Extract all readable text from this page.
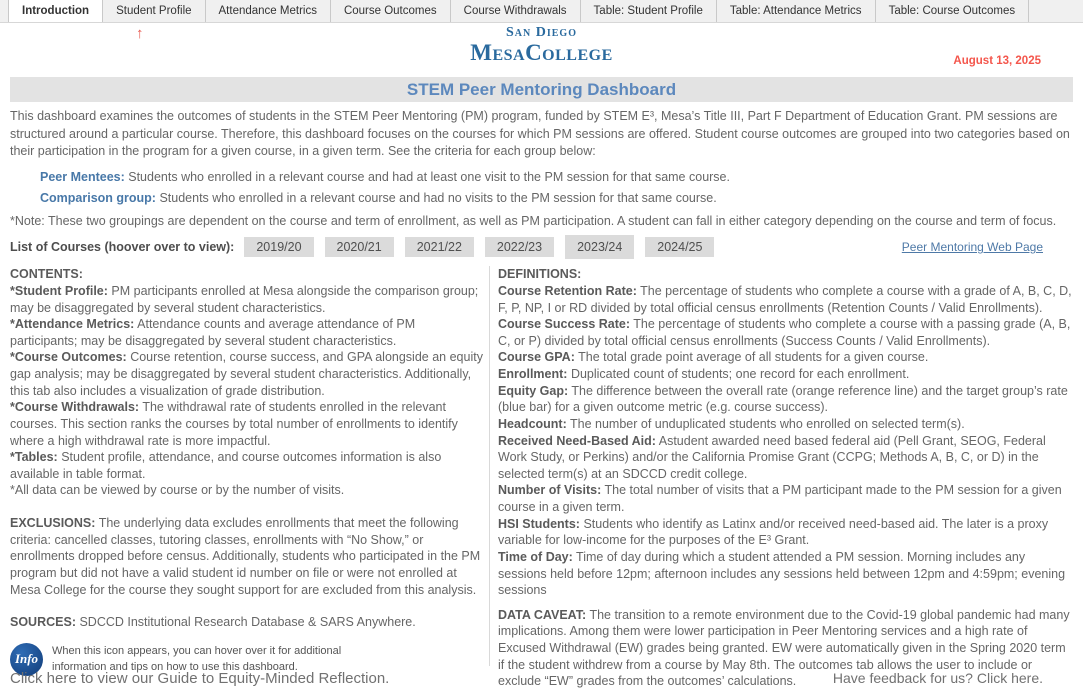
Introduction	Student Profile	Attendance Metrics	Course Outcomes	Course Withdrawals	Table: Student Profile	Table: Attendance Metrics	Table: Course Outcomes
↑	San Diego
MesaCollege	August 13, 2025
STEM Peer Mentoring Dashboard

This dashboard examines the outcomes of students in the STEM Peer Mentoring (PM) program, funded by STEM E³, Mesa’s Title III, Part F Department of Education Grant. PM sessions are structured around a particular course. Therefore, this dashboard focuses on the courses for which PM sessions are offered. Student course outcomes are grouped into two categories based on their participation in the program for a given course, in a given term. See the criteria for each group below:

Peer Mentees: Students who enrolled in a relevant course and had at least one visit to the PM session for that same course.
Comparison group: Students who enrolled in a relevant course and had no visits to the PM session for that same course.

*Note: These two groupings are dependent on the course and term of enrollment, as well as PM participation. A student can fall in either category depending on the course and term of focus.

List of Courses (hoover over to view):	2019/20	2020/21	2021/22	2022/23	2023/24	2024/25	Peer Mentoring Web Page

CONTENTS:

*Student Profile: PM participants enrolled at Mesa alongside the comparison group; may be disaggregated by several student characteristics.

*Attendance Metrics: Attendance counts and average attendance of PM participants; may be disaggregated by several student characteristics.

*Course Outcomes: Course retention, course success, and GPA alongside an equity gap analysis; may be disaggregated by several student characteristics. Additionally, this tab also includes a visualization of grade distribution.

*Course Withdrawals: The withdrawal rate of students enrolled in the relevant courses. This section ranks the courses by total number of enrollments to identify where a high withdrawal rate is more impactful.

*Tables: Student profile, attendance, and course outcomes information is also available in table format.

*All data can be viewed by course or by the number of visits.

EXCLUSIONS: The underlying data excludes enrollments that meet the following criteria: cancelled classes, tutoring classes, enrollments with “No Show,” or enrollments dropped before census. Additionally, students who participated in the PM program but did not have a valid student id number on file or were not enrolled at Mesa College for the course they sought support for are excluded from this analysis.

SOURCES: SDCCD Institutional Research Database & SARS Anywhere.

Info
When this icon appears, you can hover over it for additional information and tips on how to use this dashboard.

DEFINITIONS:

Course Retention Rate: The percentage of students who complete a course with a grade of A, B, C, D, F, P, NP, I or RD divided by total official census enrollments (Retention Counts / Valid Enrollments).

Course Success Rate: The percentage of students who complete a course with a passing grade (A, B, C, or P) divided by total official census enrollments (Success Counts / Valid Enrollments).

Course GPA: The total grade point average of all students for a given course.

Enrollment: Duplicated count of students; one record for each enrollment.

Equity Gap: The difference between the overall rate (orange reference line) and the target group’s rate (blue bar) for a given outcome metric (e.g. course success).

Headcount: The number of unduplicated students who enrolled on selected term(s).

Received Need-Based Aid: Astudent awarded need based federal aid (Pell Grant, SEOG, Federal Work Study, or Perkins) and/or the California Promise Grant (CCPG; Methods A, B, C, or D) in the selected term(s) at an SDCCD credit college.

Number of Visits: The total number of visits that a PM participant made to the PM session for a given course in a given term.

HSI Students: Students who identify as Latinx and/or received need-based aid. The later is a proxy variable for low-income for the purposes of the E³ Grant.

Time of Day: Time of day during which a student attended a PM session. Morning includes any sessions held before 12pm; afternoon includes any sessions held between 12pm and 4:59pm; evening sessions

DATA CAVEAT: The transition to a remote environment due to the Covid-19 global pandemic had many implications. Among them were lower participation in Peer Mentoring services and a high rate of Excused Withdrawal (EW) grades being granted. EW were automatically given in the Spring 2020 term if the student withdrew from a course by May 8th. The outcomes tab allows the user to include or exclude “EW” grades from the outcomes’ calculations.

Click here to view our Guide to Equity-Minded Reflection.	Have feedback for us? Click here.
